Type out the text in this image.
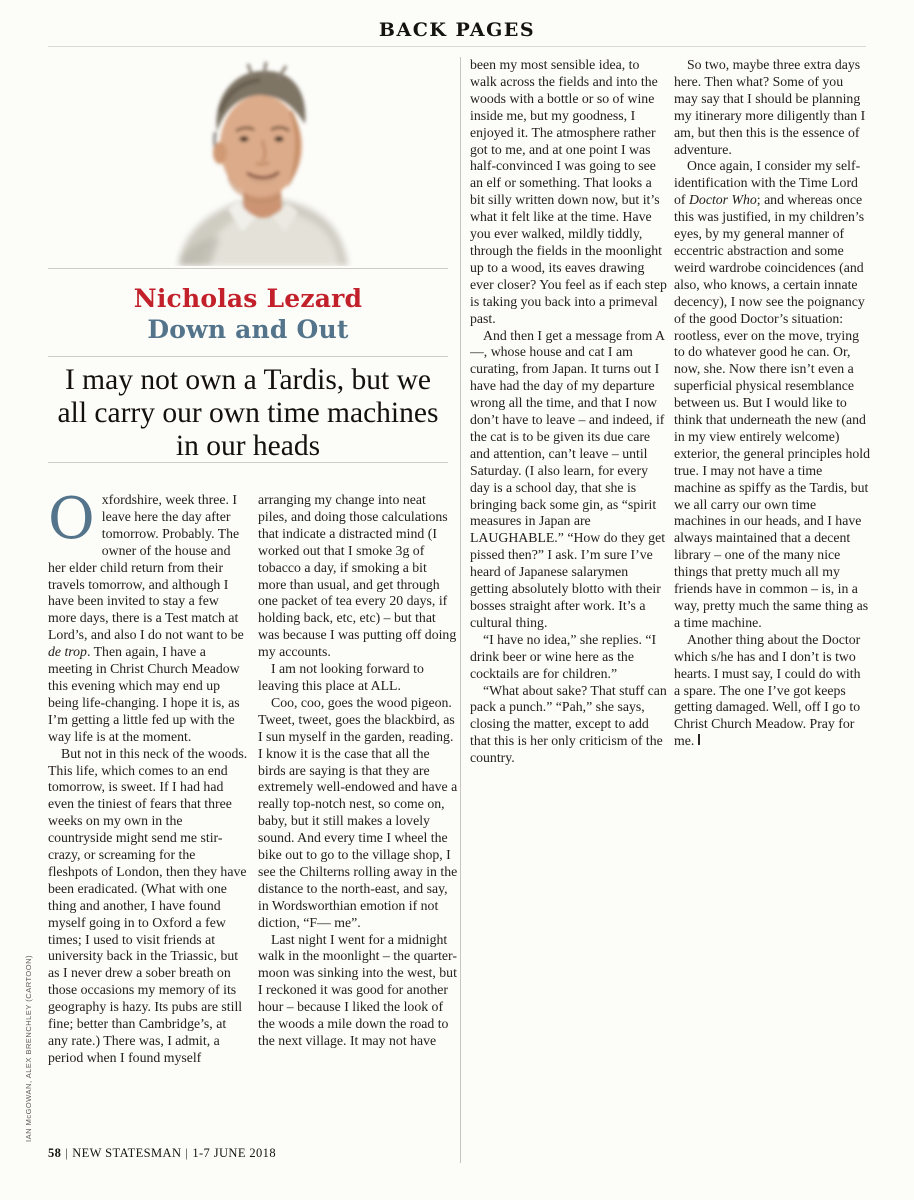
BACK PAGES
Nicholas Lezard
Down and Out
I may not own a Tardis, but we all carry our own time machines in our heads

Oxfordshire, week three. I leave here the day after tomorrow. Probably. The owner of the house and her elder child return from their travels tomorrow, and although I have been invited to stay a few more days, there is a Test match at Lord’s, and also I do not want to be de trop. Then again, I have a meeting in Christ Church Meadow this evening which may end up being life-changing. I hope it is, as I’m getting a little fed up with the way life is at the moment.

But not in this neck of the woods. This life, which comes to an end tomorrow, is sweet. If I had had even the tiniest of fears that three weeks on my own in the countryside might send me stir-crazy, or screaming for the fleshpots of London, then they have been eradicated. (What with one thing and another, I have found myself going in to Oxford a few times; I used to visit friends at university back in the Triassic, but as I never drew a sober breath on those occasions my memory of its geography is hazy. Its pubs are still fine; better than Cambridge’s, at any rate.) There was, I admit, a period when I found myself

arranging my change into neat piles, and doing those calculations that indicate a distracted mind (I worked out that I smoke 3g of tobacco a day, if smoking a bit more than usual, and get through one packet of tea every 20 days, if holding back, etc, etc) – but that was because I was putting off doing my accounts.

I am not looking forward to leaving this place at ALL.

Coo, coo, goes the wood pigeon. Tweet, tweet, goes the blackbird, as I sun myself in the garden, reading. I know it is the case that all the birds are saying is that they are extremely well-endowed and have a really top-notch nest, so come on, baby, but it still makes a lovely sound. And every time I wheel the bike out to go to the village shop, I see the Chilterns rolling away in the distance to the north-east, and say, in Wordsworthian emotion if not diction, “F— me”.

Last night I went for a midnight walk in the moonlight – the quarter-moon was sinking into the west, but I reckoned it was good for another hour – because I liked the look of the woods a mile down the road to the next village. It may not have

been my most sensible idea, to walk across the fields and into the woods with a bottle or so of wine inside me, but my goodness, I enjoyed it. The atmosphere rather got to me, and at one point I was half-convinced I was going to see an elf or something. That looks a bit silly written down now, but it’s what it felt like at the time. Have you ever walked, mildly tiddly, through the fields in the moonlight up to a wood, its eaves drawing ever closer? You feel as if each step is taking you back into a primeval past.

And then I get a message from A—, whose house and cat I am curating, from Japan. It turns out I have had the day of my departure wrong all the time, and that I now don’t have to leave – and indeed, if the cat is to be given its due care and attention, can’t leave – until Saturday. (I also learn, for every day is a school day, that she is bringing back some gin, as “spirit measures in Japan are LAUGHABLE.” “How do they get pissed then?” I ask. I’m sure I’ve heard of Japanese salarymen getting absolutely blotto with their bosses straight after work. It’s a cultural thing.

“I have no idea,” she replies. “I drink beer or wine here as the cocktails are for children.”

“What about sake? That stuff can pack a punch.” “Pah,” she says, closing the matter, except to add that this is her only criticism of the country.

So two, maybe three extra days here. Then what? Some of you may say that I should be planning my itinerary more diligently than I am, but then this is the essence of adventure.

Once again, I consider my self-identification with the Time Lord of Doctor Who; and whereas once this was justified, in my children’s eyes, by my general manner of eccentric abstraction and some weird wardrobe coincidences (and also, who knows, a certain innate decency), I now see the poignancy of the good Doctor’s situation: rootless, ever on the move, trying to do whatever good he can. Or, now, she. Now there isn’t even a superficial physical resemblance between us. But I would like to think that underneath the new (and in my view entirely welcome) exterior, the general principles hold true. I may not have a time machine as spiffy as the Tardis, but we all carry our own time machines in our heads, and I have always maintained that a decent library – one of the many nice things that pretty much all my friends have in common – is, in a way, pretty much the same thing as a time machine.

Another thing about the Doctor which s/he has and I don’t is two hearts. I must say, I could do with a spare. The one I’ve got keeps getting damaged. Well, off I go to Christ Church Meadow. Pray for me.

IAN McGOWAN, ALEX BRENCHLEY (CARTOON)
58 | NEW STATESMAN | 1-7 JUNE 2018
